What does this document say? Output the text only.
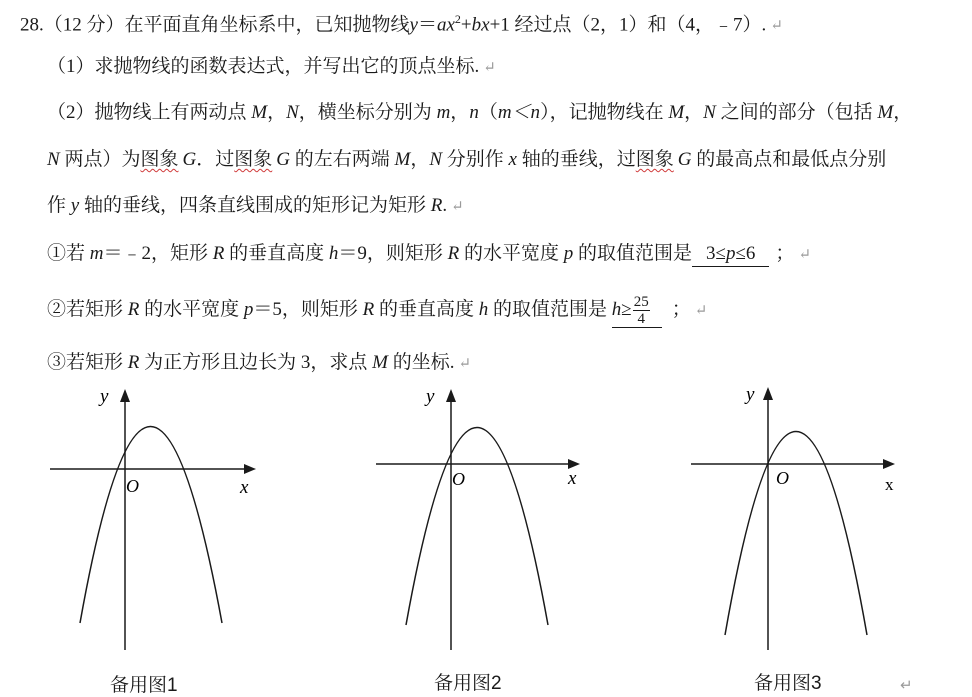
28.（12 分）在平面直角坐标系中，已知抛物线$y=ax^2+bx+1$ 经过点（2，1）和（4，﹣7）. ↵
（1）求抛物线的函数表达式，并写出它的顶点坐标. ↵
（2）抛物线上有两动点 M，N，横坐标分别为 m，n（m＜n），记抛物线在 M，N 之间的部分（包括 M，
N 两点）为图象 G．过图象 G 的左右两端 M，N 分别作 x 轴的垂线，过图象 G 的最高点和最低点分别
作 y 轴的垂线，四条直线围成的矩形记为矩形 R. ↵
①若 m＝﹣2，矩形 R 的垂直高度 h＝9，则矩形 R 的水平宽度 p 的取值范围是 3≤p≤6 ； ↵
②若矩形 R 的水平宽度 p＝5，则矩形 R 的垂直高度 h 的取值范围是 $h\ge \frac{25}{4}$ ； ↵
③若矩形 R 为正方形且边长为 3，求点 M 的坐标. ↵
y
x
O
备用图1
y
x
O
备用图2
y
x
O
备用图3	↵
